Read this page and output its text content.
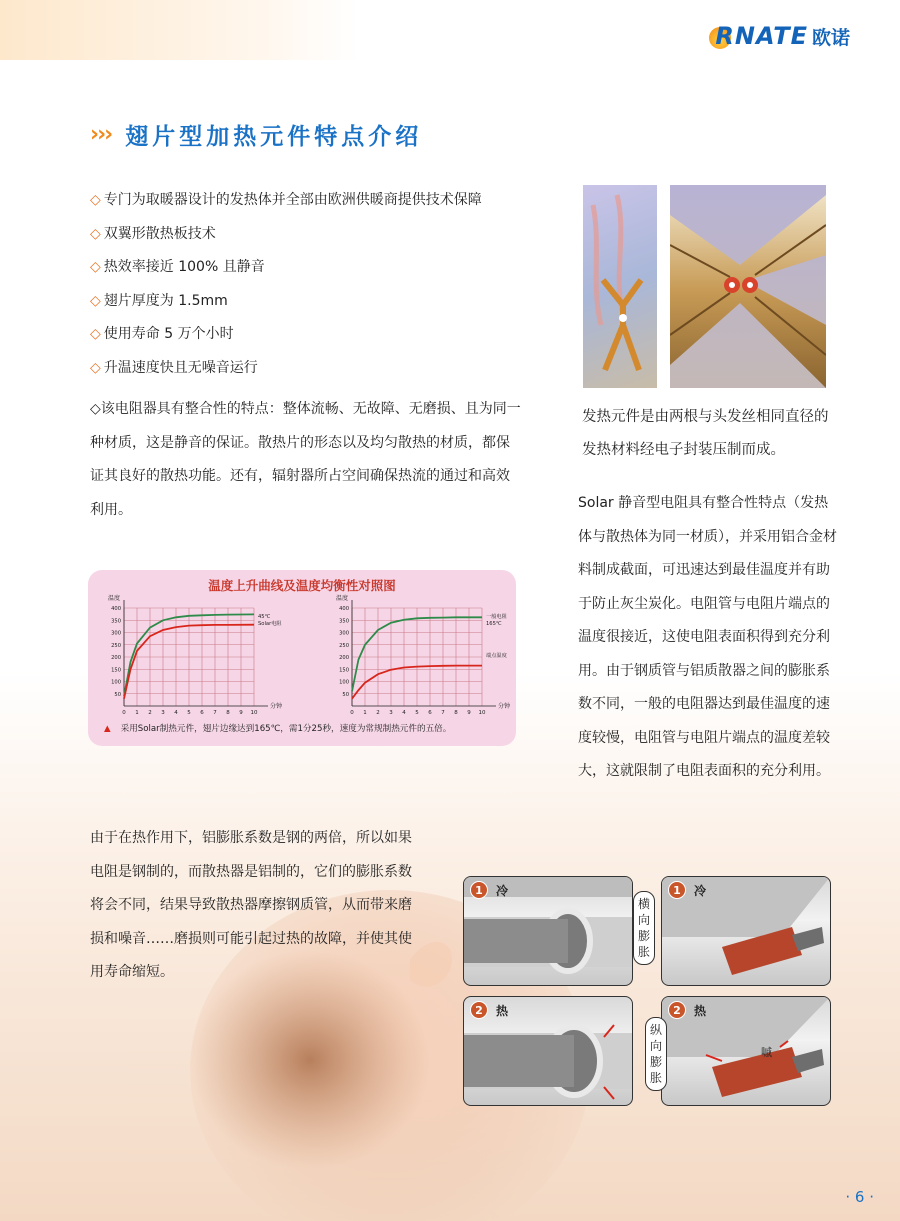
RNATE 欧诺
››› 翅片型加热元件特点介绍
◇ 专门为取暖器设计的发热体并全部由欧洲供暖商提供技术保障
◇ 双翼形散热板技术
◇ 热效率接近 100% 且静音
◇ 翅片厚度为 1.5mm
◇ 使用寿命 5 万个小时
◇ 升温速度快且无噪音运行
◇该电阻器具有整合性的特点：整体流畅、无故障、无磨损、且为同一种材质，这是静音的保证。散热片的形态以及均匀散热的材质，都保证其良好的散热功能。还有，辐射器所占空间确保热流的通过和高效利用。
发热元件是由两根与头发丝相同直径的发热材料经电子封装压制而成。
Solar 静音型电阻具有整合性特点（发热体与散热体为同一材质），并采用铝合金材料制成截面，可迅速达到最佳温度并有助于防止灰尘炭化。电阻管与电阻片端点的温度很接近，这使电阻表面积得到充分利用。由于钢质管与铝质散器之间的膨胀系数不同，一般的电阻器达到最佳温度的速度较慢，电阻管与电阻片端点的温度差较大，这就限制了电阻表面积的充分利用。
温度上升曲线及温度均衡性对照图
0 1 2 3 4 5 6 7 8 9 10
50
100
150
200
250
300
350
400
温度
分钟
45℃
Solar电阻
0 1 2 3 4 5 6 7 8 9 10
50
100
150
200
250
300
350
400
温度
分钟
一般电阻
165℃
端点温度
▲ 采用Solar制热元件，翅片边缘达到165℃，需1分25秒，速度为常规制热元件的五倍。
由于在热作用下，铝膨胀系数是钢的两倍，所以如果电阻是钢制的，而散热器是铝制的，它们的膨胀系数将会不同，结果导致散热器摩擦钢质管，从而带来磨损和噪音……磨损则可能引起过热的故障，并使其使用寿命缩短。
1	冷
2	热
横向膨胀
1	冷
2	热
纵向膨胀
嘁
· 6 ·
